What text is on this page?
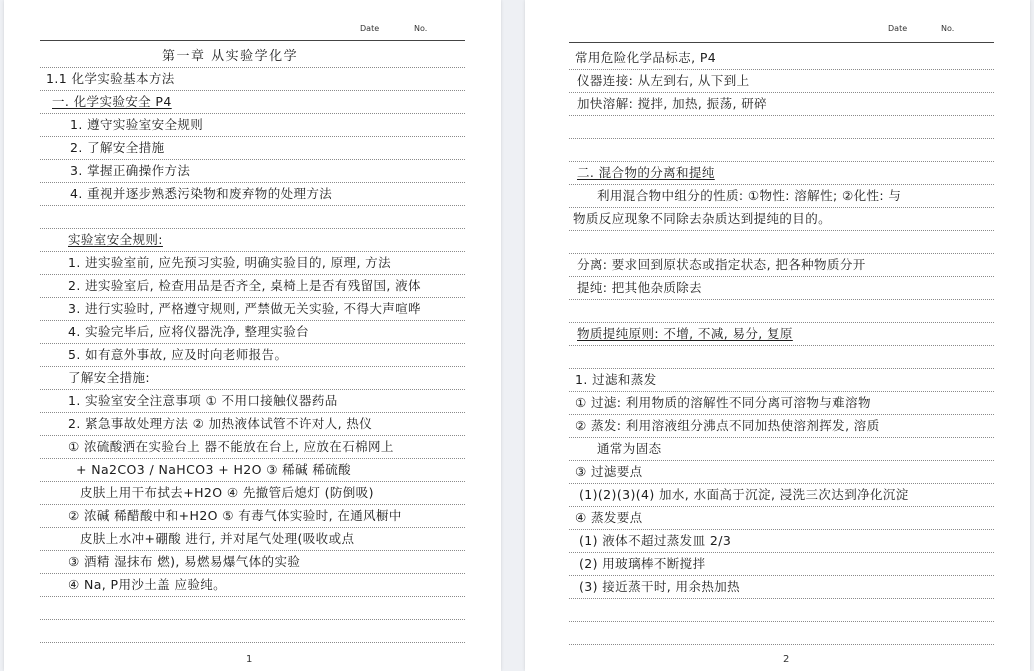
Date	No.
第一章 从实验学化学
1.1 化学实验基本方法
一. 化学实验安全 P4
1. 遵守实验室安全规则
2. 了解安全措施
3. 掌握正确操作方法
4. 重视并逐步熟悉污染物和废弃物的处理方法
实验室安全规则:
1. 进实验室前, 应先预习实验, 明确实验目的, 原理, 方法
2. 进实验室后, 检查用品是否齐全, 桌椅上是否有残留国, 液体
3. 进行实验时, 严格遵守规则, 严禁做无关实验, 不得大声喧哗
4. 实验完毕后, 应将仪器洗净, 整理实验台
5. 如有意外事故, 应及时向老师报告。
了解安全措施:
1. 实验室安全注意事项 ① 不用口接触仪器药品
2. 紧急事故处理方法 ② 加热液体试管不许对人, 热仪
① 浓硫酸洒在实验台上 器不能放在台上, 应放在石棉网上
+ Na2CO3 / NaHCO3 + H2O ③ 稀碱 稀硫酸
皮肤上用干布拭去+H2O ④ 先撤管后熄灯 (防倒吸)
② 浓碱 稀醋酸中和+H2O ⑤ 有毒气体实验时, 在通风橱中
皮肤上水冲+硼酸 进行, 并对尾气处理(吸收或点
③ 酒精 湿抹布 燃), 易燃易爆气体的实验
④ Na, P用沙土盖 应验纯。
1
Date	No.
常用危险化学品标志, P4
仪器连接: 从左到右, 从下到上
加快溶解: 搅拌, 加热, 振荡, 研碎
二. 混合物的分离和提纯
利用混合物中组分的性质: ①物性: 溶解性; ②化性: 与
物质反应现象不同除去杂质达到提纯的目的。
分离: 要求回到原状态或指定状态, 把各种物质分开
提纯: 把其他杂质除去
物质提纯原则: 不增, 不减, 易分, 复原
1. 过滤和蒸发
① 过滤: 利用物质的溶解性不同分离可溶物与难溶物
② 蒸发: 利用溶液组分沸点不同加热使溶剂挥发, 溶质
通常为固态
③ 过滤要点
(1)(2)(3)(4) 加水, 水面高于沉淀, 浸洗三次达到净化沉淀
④ 蒸发要点
(1) 液体不超过蒸发皿 2/3
(2) 用玻璃棒不断搅拌
(3) 接近蒸干时, 用余热加热
2
